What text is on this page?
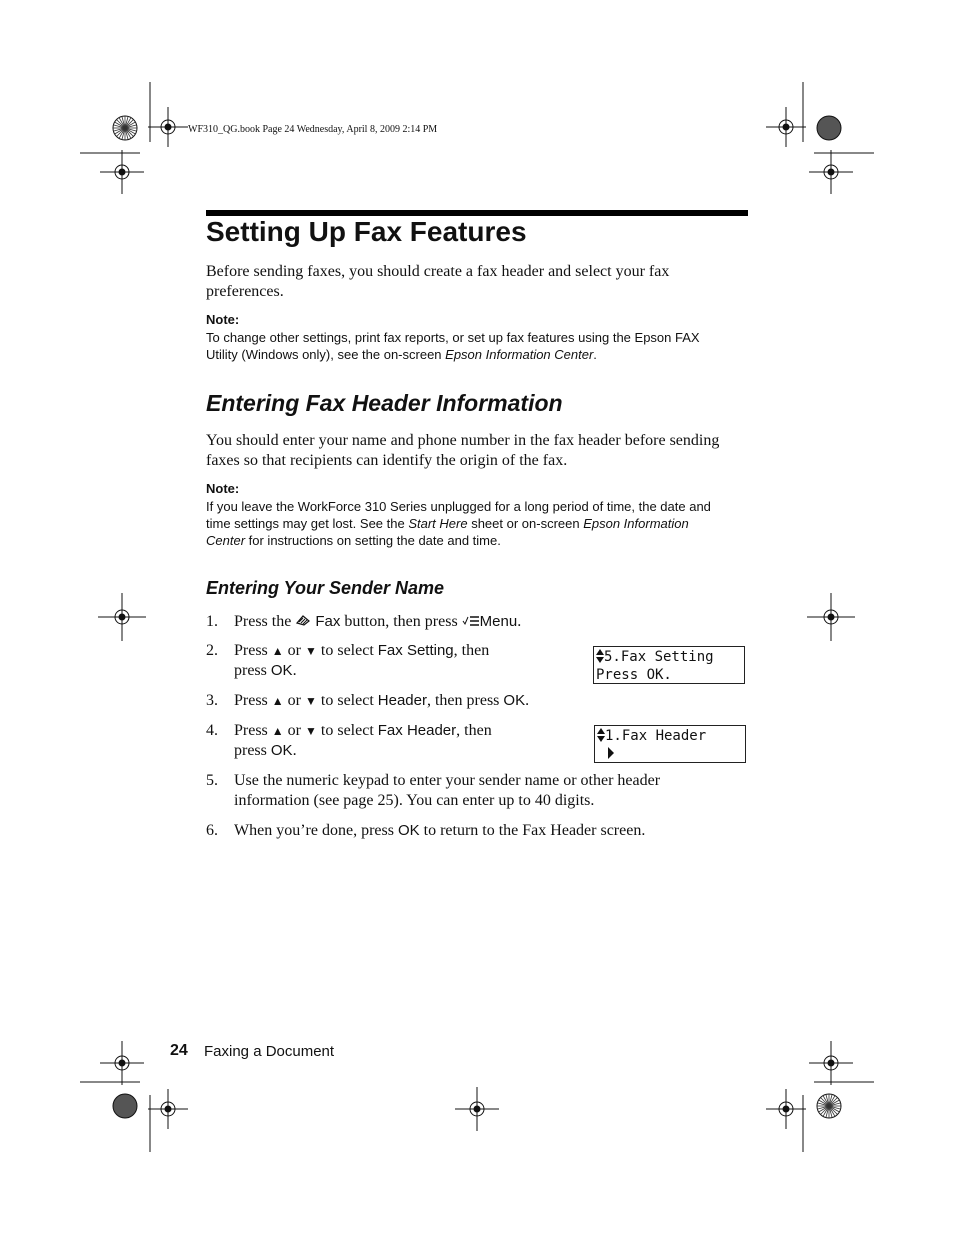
WF310_QG.book Page 24 Wednesday, April 8, 2009 2:14 PM
Setting Up Fax Features
Before sending faxes, you should create a fax header and select your fax
preferences.
Note:
To change other settings, print fax reports, or set up fax features using the Epson FAX
Utility (Windows only), see the on-screen Epson Information Center.
Entering Fax Header Information
You should enter your name and phone number in the fax header before sending
faxes so that recipients can identify the origin of the fax.
Note:
If you leave the WorkForce 310 Series unplugged for a long period of time, the date and
time settings may get lost. See the Start Here sheet or on-screen Epson Information
Center for instructions on setting the date and time.
Entering Your Sender Name
1. Press the  Fax button, then press Menu.
2. Press ▲ or ▼ to select Fax Setting, then
press OK.
5.Fax Setting
Press OK.
3. Press ▲ or ▼ to select Header, then press OK.
4. Press ▲ or ▼ to select Fax Header, then
press OK.
1.Fax Header
5. Use the numeric keypad to enter your sender name or other header
information (see page 25). You can enter up to 40 digits.
6. When you’re done, press OK to return to the Fax Header screen.
24 Faxing a Document
